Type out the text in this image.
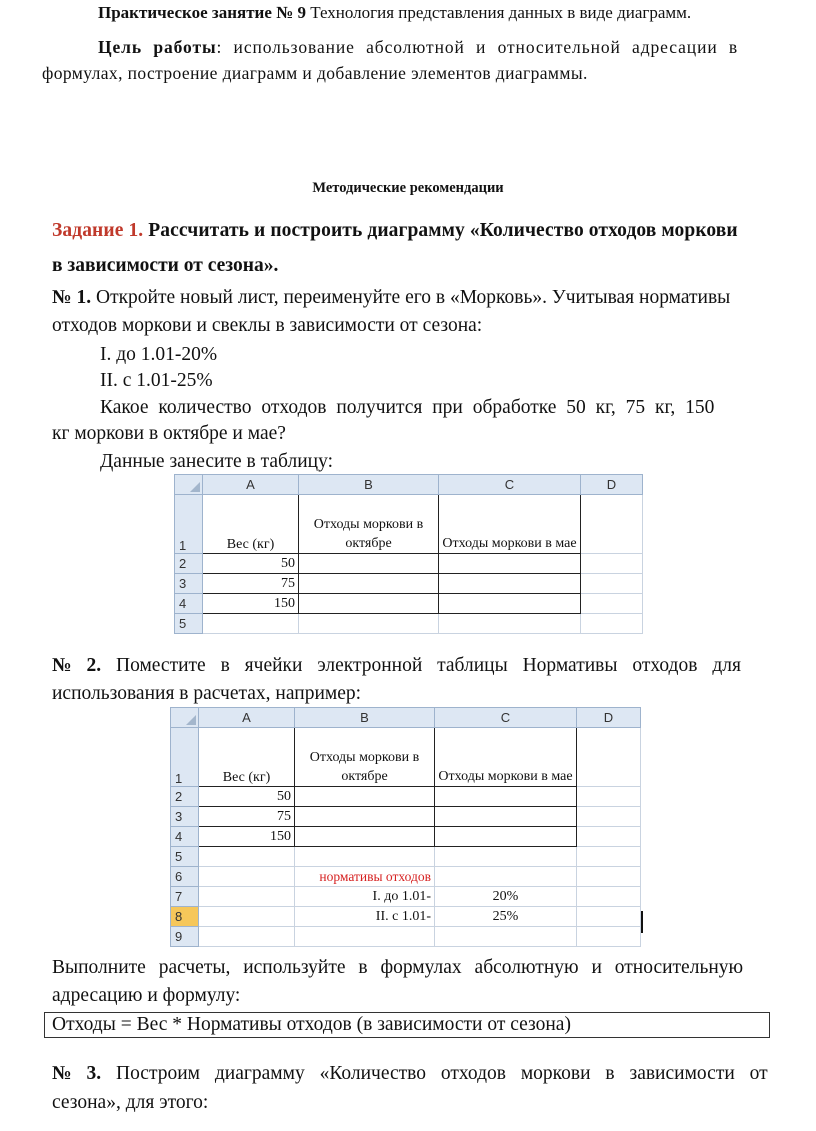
Практическое занятие № 9 Технология представления данных в виде диаграмм.
Цель работы: использование абсолютной и относительной адресации в
формулах, построение диаграмм и добавление элементов диаграммы.
Методические рекомендации
Задание 1. Рассчитать и построить диаграмму «Количество отходов моркови
в зависимости от сезона».
№ 1. Откройте новый лист, переименуйте его в «Морковь». Учитывая нормативы
отходов моркови и свеклы в зависимости от сезона:
I. до 1.01-20%
II. с 1.01-25%
Какое количество отходов получится при обработке 50 кг, 75 кг, 150
кг моркови в октябре и мае?
Данные занесите в таблицу:
	A	B	C	D
1	Вес (кг)	Отходы моркови в октябре	Отходы моркови в мае	
2	50			
3	75			
4	150			
5				
№ 2. Поместите в ячейки электронной таблицы Нормативы отходов для
использования в расчетах, например:
	A	B	C	D
1	Вес (кг)	Отходы моркови в октябре	Отходы моркови в мае	
2	50			
3	75			
4	150			
5				
6		нормативы отходов		
7		I. до 1.01-	20%	
8		II. с 1.01-	25%	
9				
Выполните расчеты, используйте в формулах абсолютную и относительную
адресацию и формулу:
Отходы = Вес * Нормативы отходов (в зависимости от сезона)
№ 3. Построим диаграмму «Количество отходов моркови в зависимости от
сезона», для этого:
